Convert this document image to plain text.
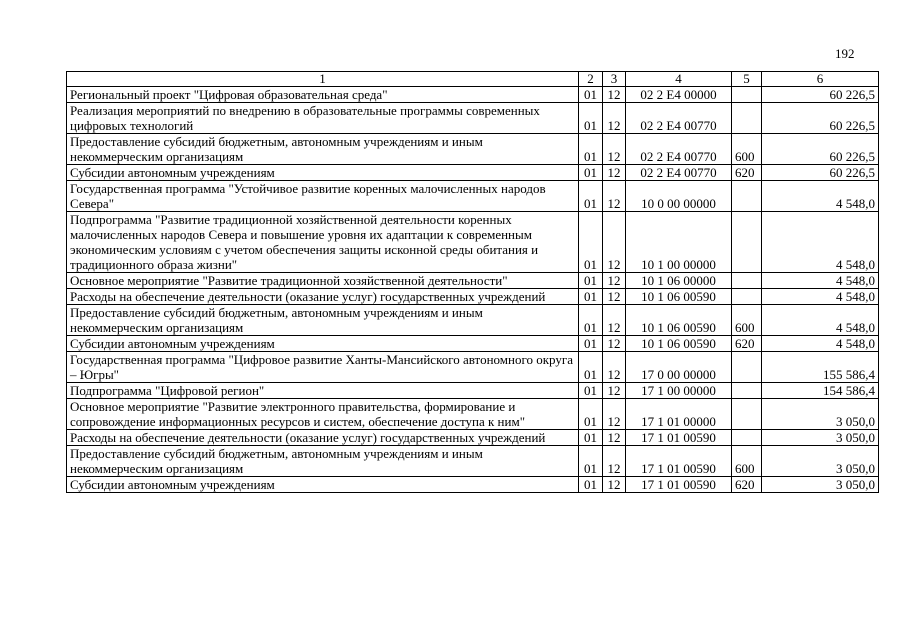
192
1	2	3	4	5	6
Региональный проект "Цифровая образовательная среда"	01	12	02 2 E4 00000		60 226,5
Реализация мероприятий по внедрению в образовательные программы современных цифровых технологий	01	12	02 2 E4 00770		60 226,5
Предоставление субсидий бюджетным, автономным учреждениям и иным некоммерческим организациям	01	12	02 2 E4 00770	600	60 226,5
Субсидии автономным учреждениям	01	12	02 2 E4 00770	620	60 226,5
Государственная программа "Устойчивое развитие коренных малочисленных народов Севера"	01	12	10 0 00 00000		4 548,0
Подпрограмма "Развитие традиционной хозяйственной деятельности коренных малочисленных народов Севера и повышение уровня их адаптации к современным экономическим условиям с учетом обеспечения защиты исконной среды обитания и традиционного образа жизни"	01	12	10 1 00 00000		4 548,0
Основное мероприятие "Развитие традиционной хозяйственной деятельности"	01	12	10 1 06 00000		4 548,0
Расходы на обеспечение деятельности (оказание услуг) государственных учреждений	01	12	10 1 06 00590		4 548,0
Предоставление субсидий бюджетным, автономным учреждениям и иным некоммерческим организациям	01	12	10 1 06 00590	600	4 548,0
Субсидии автономным учреждениям	01	12	10 1 06 00590	620	4 548,0
Государственная программа "Цифровое развитие Ханты-Мансийского автономного округа – Югры"	01	12	17 0 00 00000		155 586,4
Подпрограмма "Цифровой регион"	01	12	17 1 00 00000		154 586,4
Основное мероприятие "Развитие электронного правительства, формирование и сопровождение информационных ресурсов и систем, обеспечение доступа к ним"	01	12	17 1 01 00000		3 050,0
Расходы на обеспечение деятельности (оказание услуг) государственных учреждений	01	12	17 1 01 00590		3 050,0
Предоставление субсидий бюджетным, автономным учреждениям и иным некоммерческим организациям	01	12	17 1 01 00590	600	3 050,0
Субсидии автономным учреждениям	01	12	17 1 01 00590	620	3 050,0
